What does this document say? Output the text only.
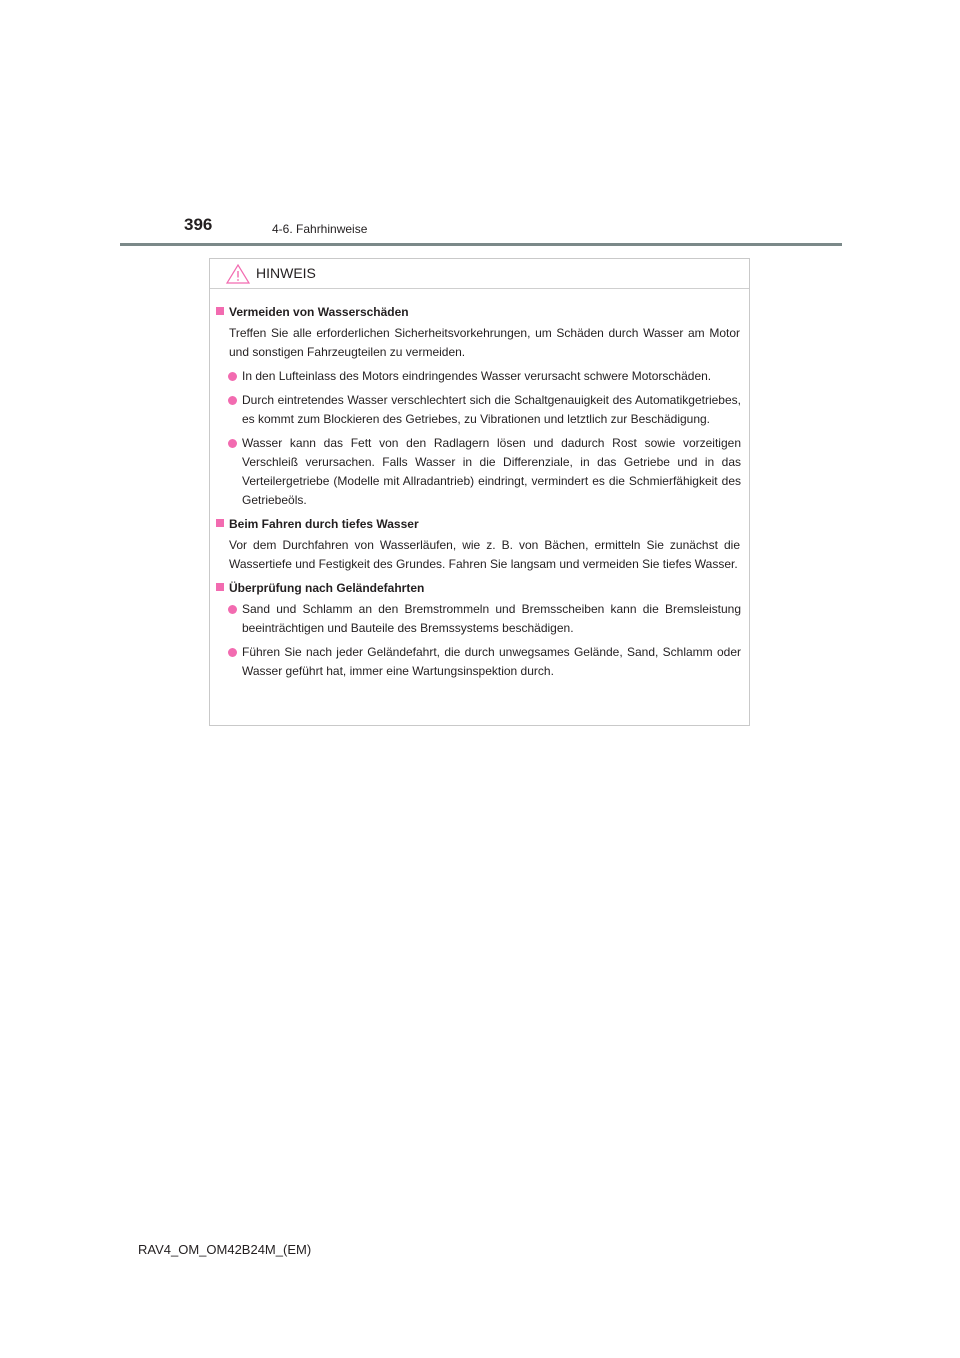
396	4-6. Fahrhinweise
HINWEIS
Vermeiden von Wasserschäden
Treffen Sie alle erforderlichen Sicherheitsvorkehrungen, um Schäden durch Wasser am Motor und sonstigen Fahrzeugteilen zu vermeiden.
In den Lufteinlass des Motors eindringendes Wasser verursacht schwere Motorschäden.
Durch eintretendes Wasser verschlechtert sich die Schaltgenauigkeit des Automatikgetriebes, es kommt zum Blockieren des Getriebes, zu Vibrationen und letztlich zur Beschädigung.
Wasser kann das Fett von den Radlagern lösen und dadurch Rost sowie vorzeitigen Verschleiß verursachen. Falls Wasser in die Differenziale, in das Getriebe und in das Verteilergetriebe (Modelle mit Allradantrieb) eindringt, vermindert es die Schmierfähigkeit des Getriebeöls.
Beim Fahren durch tiefes Wasser
Vor dem Durchfahren von Wasserläufen, wie z. B. von Bächen, ermitteln Sie zunächst die Wassertiefe und Festigkeit des Grundes. Fahren Sie langsam und vermeiden Sie tiefes Wasser.
Überprüfung nach Geländefahrten
Sand und Schlamm an den Bremstrommeln und Bremsscheiben kann die Bremsleistung beeinträchtigen und Bauteile des Bremssystems beschädigen.
Führen Sie nach jeder Geländefahrt, die durch unwegsames Gelände, Sand, Schlamm oder Wasser geführt hat, immer eine Wartungsinspektion durch.
RAV4_OM_OM42B24M_(EM)
